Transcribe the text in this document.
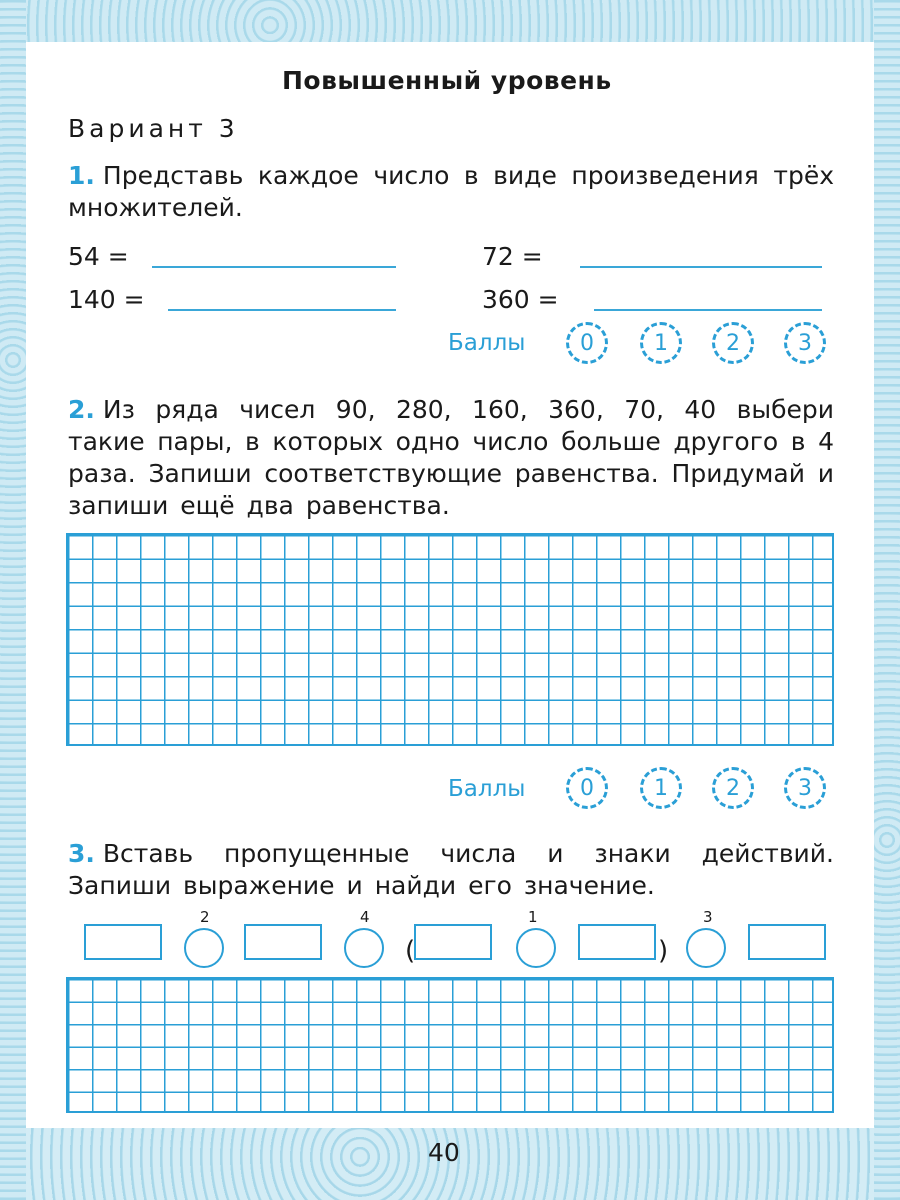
Повышенный уровень

Вариант 3

1. Представь каждое число в виде произведения трёх множителей.

54 =	72 =
140 =	360 =
Баллы	0	1	2	3

2. Из ряда чисел 90, 280, 160, 360, 70, 40 выбери такие пары, в которых одно число больше другого в 4 раза. Запиши соответствующие равенства. Придумай и запиши ещё два равенства.

Баллы	0	1	2	3

3. Вставь пропущенные числа и знаки действий. Запиши выражение и найди его значение.

2	4
(
1
)
3
40
